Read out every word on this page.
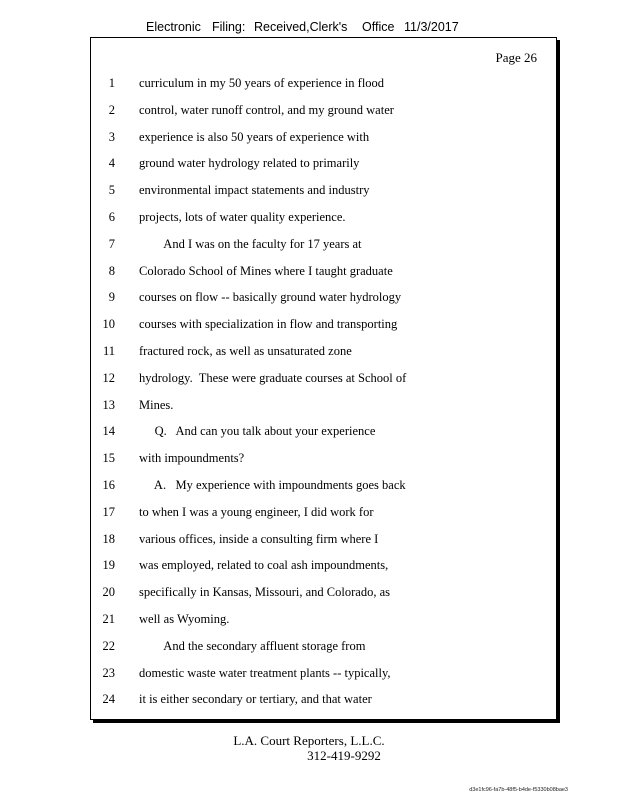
Electronic Filing: Received,Clerk's Office 11/3/2017
Page 26
1 curriculum in my 50 years of experience in flood
2 control, water runoff control, and my ground water
3 experience is also 50 years of experience with
4 ground water hydrology related to primarily
5 environmental impact statements and industry
6 projects, lots of water quality experience.
7 And I was on the faculty for 17 years at
8 Colorado School of Mines where I taught graduate
9 courses on flow -- basically ground water hydrology
10 courses with specialization in flow and transporting
11 fractured rock, as well as unsaturated zone
12 hydrology.  These were graduate courses at School of
13 Mines.
14 Q.   And can you talk about your experience
15 with impoundments?
16 A.   My experience with impoundments goes back
17 to when I was a young engineer, I did work for
18 various offices, inside a consulting firm where I
19 was employed, related to coal ash impoundments,
20 specifically in Kansas, Missouri, and Colorado, as
21 well as Wyoming.
22 And the secondary affluent storage from
23 domestic waste water treatment plants -- typically,
24 it is either secondary or tertiary, and that water
L.A. Court Reporters, L.L.C.
312-419-9292
d3e1fc96-fa7b-48f5-b4de-f5330b08bae3
